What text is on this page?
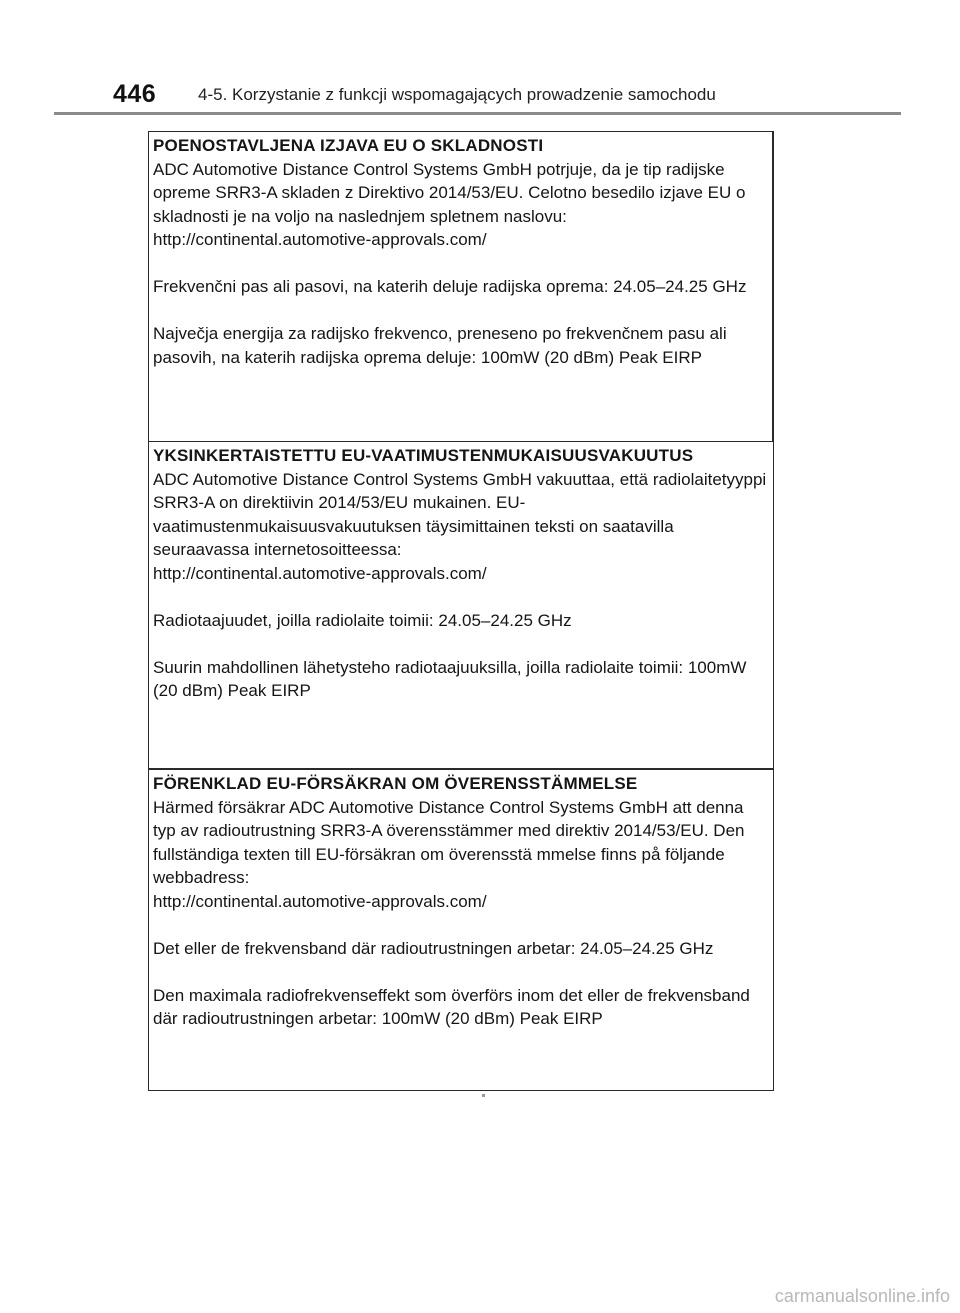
446 4-5. Korzystanie z funkcji wspomagających prowadzenie samochodu
POENOSTAVLJENA IZJAVA EU O SKLADNOSTI
ADC Automotive Distance Control Systems GmbH potrjuje, da je tip radijske opreme SRR3-A skladen z Direktivo 2014/53/EU. Celotno besedilo izjave EU o skladnosti je na voljo na naslednjem spletnem naslovu:
http://continental.automotive-approvals.com/
Frekvenčni pas ali pasovi, na katerih deluje radijska oprema: 24.05–24.25 GHz
Največja energija za radijsko frekvenco, preneseno po frekvenčnem pasu ali pasovih, na katerih radijska oprema deluje: 100mW (20 dBm) Peak EIRP
YKSINKERTAISTETTU EU-VAATIMUSTENMUKAISUUSVAKUUTUS
ADC Automotive Distance Control Systems GmbH vakuuttaa, että radiolaitetyyppi SRR3-A on direktiivin 2014/53/EU mukainen. EU-vaatimustenmukaisuusvakuutuksen täysimittainen teksti on saatavilla seuraavassa internetosoitteessa:
http://continental.automotive-approvals.com/
Radiotaajuudet, joilla radiolaite toimii: 24.05–24.25 GHz
Suurin mahdollinen lähetysteho radiotaajuuksilla, joilla radiolaite toimii: 100mW (20 dBm) Peak EIRP
FÖRENKLAD EU-FÖRSÄKRAN OM ÖVERENSSTÄMMELSE
Härmed försäkrar ADC Automotive Distance Control Systems GmbH att denna typ av radioutrustning SRR3-A överensstämmer med direktiv 2014/53/EU. Den fullständiga texten till EU-försäkran om överensstä mmelse finns på följande webbadress:
http://continental.automotive-approvals.com/
Det eller de frekvensband där radioutrustningen arbetar: 24.05–24.25 GHz
Den maximala radiofrekvenseffekt som överförs inom det eller de frekvensband där radioutrustningen arbetar: 100mW (20 dBm) Peak EIRP
carmanualsonline.info
